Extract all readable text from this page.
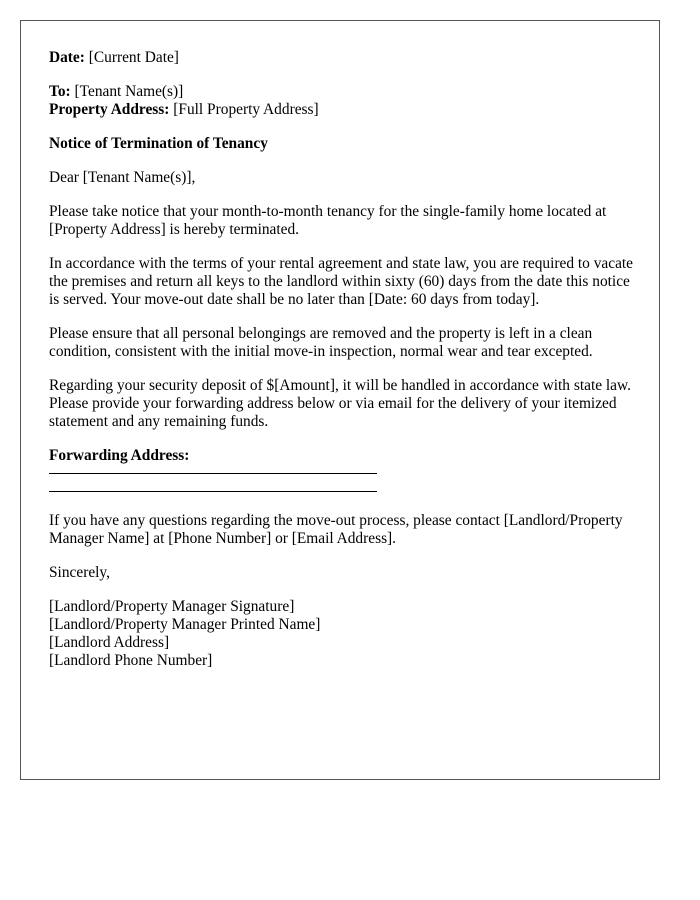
Date: [Current Date]

To: [Tenant Name(s)]
Property Address: [Full Property Address]

Notice of Termination of Tenancy

Dear [Tenant Name(s)],

Please take notice that your month-to-month tenancy for the single-family home located at [Property Address] is hereby terminated.

In accordance with the terms of your rental agreement and state law, you are required to vacate the premises and return all keys to the landlord within sixty (60) days from the date this notice is served. Your move-out date shall be no later than [Date: 60 days from today].

Please ensure that all personal belongings are removed and the property is left in a clean condition, consistent with the initial move-in inspection, normal wear and tear excepted.

Regarding your security deposit of $[Amount], it will be handled in accordance with state law. Please provide your forwarding address below or via email for the delivery of your itemized statement and any remaining funds.

Forwarding Address:

If you have any questions regarding the move-out process, please contact [Landlord/Property Manager Name] at [Phone Number] or [Email Address].

Sincerely,

[Landlord/Property Manager Signature]
[Landlord/Property Manager Printed Name]
[Landlord Address]
[Landlord Phone Number]
